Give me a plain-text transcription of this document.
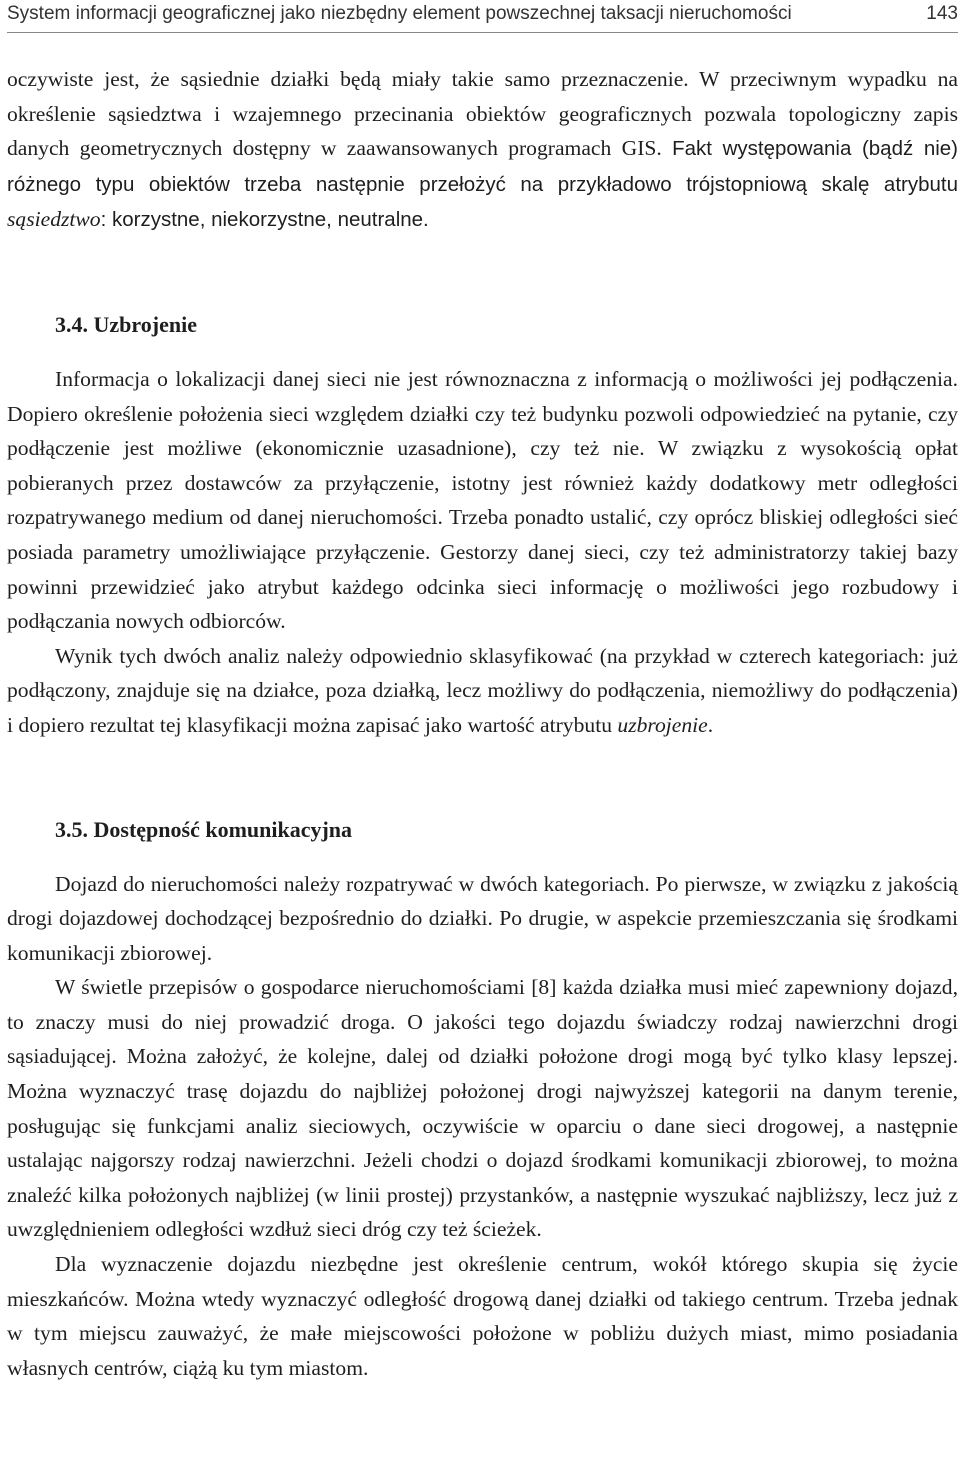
System informacji geograficznej jako niezbędny element powszechnej taksacji nieruchomości	143

oczywiste jest, że sąsiednie działki będą miały takie samo przeznaczenie. W przeciwnym wypadku na określenie sąsiedztwa i wzajemnego przecinania obiektów geograficznych pozwala topologiczny zapis danych geometrycznych dostępny w zaawansowanych programach GIS. Fakt występowania (bądź nie) różnego typu obiektów trzeba następnie przełożyć na przykładowo trójstopniową skalę atrybutu sąsiedztwo: korzystne, niekorzystne, neutralne.

3.4. Uzbrojenie

Informacja o lokalizacji danej sieci nie jest równoznaczna z informacją o możliwości jej podłączenia. Dopiero określenie położenia sieci względem działki czy też budynku pozwoli odpowiedzieć na pytanie, czy podłączenie jest możliwe (ekonomicznie uzasadnione), czy też nie. W związku z wysokością opłat pobieranych przez dostawców za przyłączenie, istotny jest również każdy dodatkowy metr odległości rozpatrywanego medium od danej nieruchomości. Trzeba ponadto ustalić, czy oprócz bliskiej odległości sieć posiada parametry umożliwiające przyłączenie. Gestorzy danej sieci, czy też administratorzy takiej bazy powinni przewidzieć jako atrybut każdego odcinka sieci informację o możliwości jego rozbudowy i podłączania nowych odbiorców.

Wynik tych dwóch analiz należy odpowiednio sklasyfikować (na przykład w czterech kategoriach: już podłączony, znajduje się na działce, poza działką, lecz możliwy do podłączenia, niemożliwy do podłączenia) i dopiero rezultat tej klasyfikacji można zapisać jako wartość atrybutu uzbrojenie.

3.5. Dostępność komunikacyjna

Dojazd do nieruchomości należy rozpatrywać w dwóch kategoriach. Po pierwsze, w związku z jakością drogi dojazdowej dochodzącej bezpośrednio do działki. Po drugie, w aspekcie przemieszczania się środkami komunikacji zbiorowej.

W świetle przepisów o gospodarce nieruchomościami [8] każda działka musi mieć zapewniony dojazd, to znaczy musi do niej prowadzić droga. O jakości tego dojazdu świadczy rodzaj nawierzchni drogi sąsiadującej. Można założyć, że kolejne, dalej od działki położone drogi mogą być tylko klasy lepszej. Można wyznaczyć trasę dojazdu do najbliżej położonej drogi najwyższej kategorii na danym terenie, posługując się funkcjami analiz sieciowych, oczywiście w oparciu o dane sieci drogowej, a następnie ustalając najgorszy rodzaj nawierzchni. Jeżeli chodzi o dojazd środkami komunikacji zbiorowej, to można znaleźć kilka położonych najbliżej (w linii prostej) przystanków, a następnie wyszukać najbliższy, lecz już z uwzględnieniem odległości wzdłuż sieci dróg czy też ścieżek.

Dla wyznaczenie dojazdu niezbędne jest określenie centrum, wokół którego skupia się życie mieszkańców. Można wtedy wyznaczyć odległość drogową danej działki od takiego centrum. Trzeba jednak w tym miejscu zauważyć, że małe miejscowości położone w pobliżu dużych miast, mimo posiadania własnych centrów, ciążą ku tym miastom.
